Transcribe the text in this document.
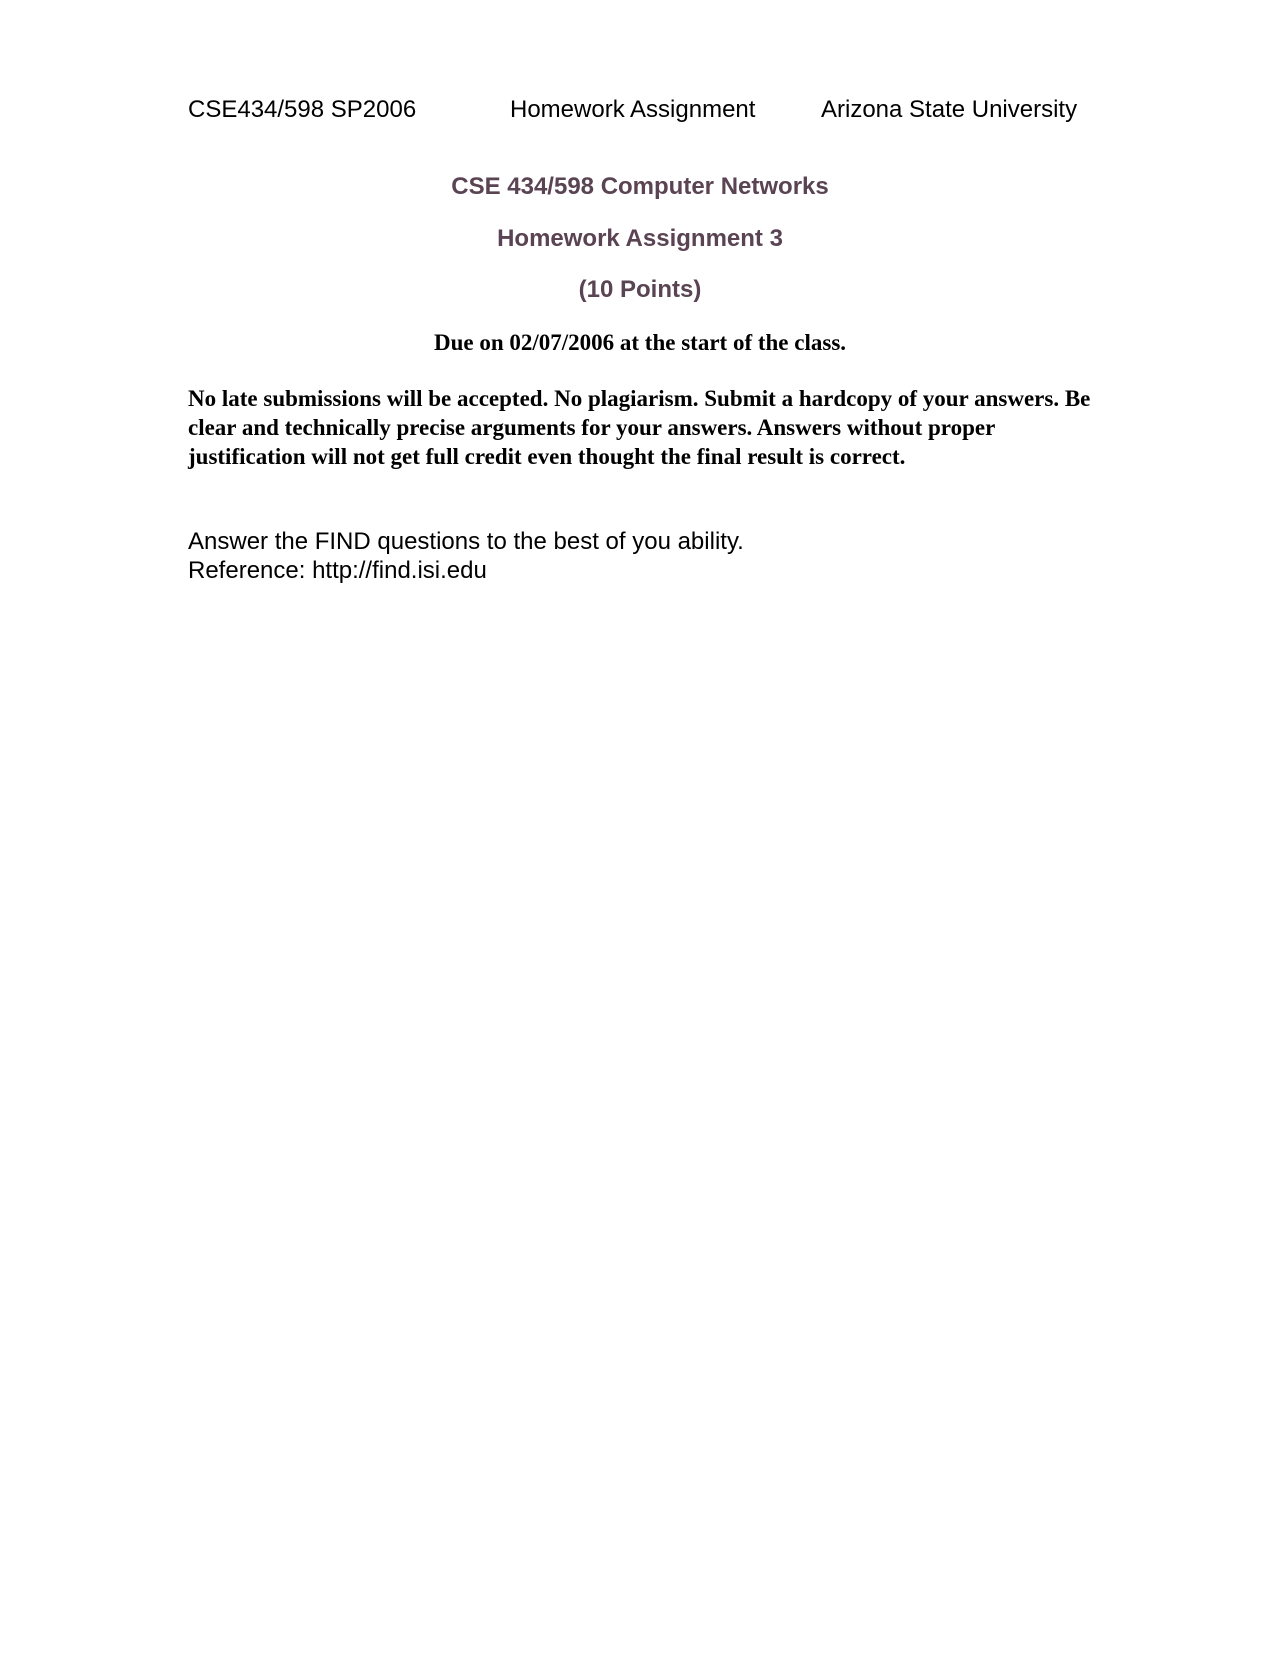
CSE434/598 SP2006	Homework Assignment	Arizona State University
CSE 434/598 Computer Networks
Homework Assignment 3
(10 Points)
Due on 02/07/2006 at the start of the class.

No late submissions will be accepted. No plagiarism. Submit a hardcopy of your answers. Be clear and technically precise arguments for your answers. Answers without proper justification will not get full credit even thought the final result is correct.

Answer the FIND questions to the best of you ability.
Reference: http://find.isi.edu
